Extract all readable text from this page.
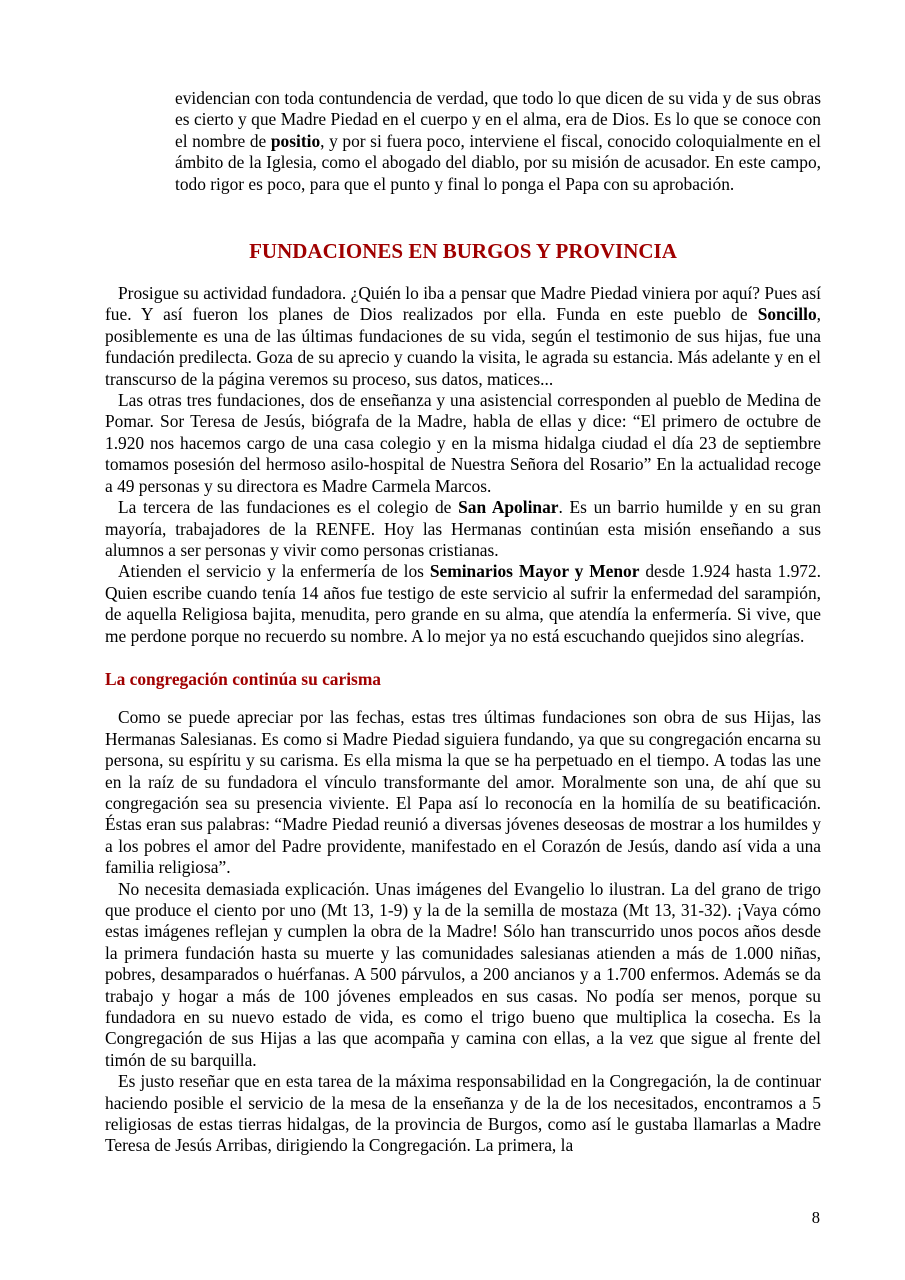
evidencian con toda contundencia de verdad, que todo lo que dicen de su vida y de sus obras es cierto y que Madre Piedad en el cuerpo y en el alma, era de Dios. Es lo que se conoce con el nombre de positio, y por si fuera poco, interviene el fiscal, conocido coloquialmente en el ámbito de la Iglesia, como el abogado del diablo, por su misión de acusador. En este campo, todo rigor es poco, para que el punto y final lo ponga el Papa con su aprobación.

FUNDACIONES EN BURGOS Y PROVINCIA

Prosigue su actividad fundadora. ¿Quién lo iba a pensar que Madre Piedad viniera por aquí? Pues así fue. Y así fueron los planes de Dios realizados por ella. Funda en este pueblo de Soncillo, posiblemente es una de las últimas fundaciones de su vida, según el testimonio de sus hijas, fue una fundación predilecta. Goza de su aprecio y cuando la visita, le agrada su estancia. Más adelante y en el transcurso de la página veremos su proceso, sus datos, matices...

Las otras tres fundaciones, dos de enseñanza y una asistencial corresponden al pueblo de Medina de Pomar. Sor Teresa de Jesús, biógrafa de la Madre, habla de ellas y dice: “El primero de octubre de 1.920 nos hacemos cargo de una casa colegio y en la misma hidalga ciudad el día 23 de septiembre tomamos posesión del hermoso asilo-hospital de Nuestra Señora del Rosario” En la actualidad recoge a 49 personas y su directora es Madre Carmela Marcos.

La tercera de las fundaciones es el colegio de San Apolinar. Es un barrio humilde y en su gran mayoría, trabajadores de la RENFE. Hoy las Hermanas continúan esta misión enseñando a sus alumnos a ser personas y vivir como personas cristianas.

Atienden el servicio y la enfermería de los Seminarios Mayor y Menor desde 1.924 hasta 1.972. Quien escribe cuando tenía 14 años fue testigo de este servicio al sufrir la enfermedad del sarampión, de aquella Religiosa bajita, menudita, pero grande en su alma, que atendía la enfermería. Si vive, que me perdone porque no recuerdo su nombre. A lo mejor ya no está escuchando quejidos sino alegrías.

La congregación continúa su carisma

Como se puede apreciar por las fechas, estas tres últimas fundaciones son obra de sus Hijas, las Hermanas Salesianas. Es como si Madre Piedad siguiera fundando, ya que su congregación encarna su persona, su espíritu y su carisma. Es ella misma la que se ha perpetuado en el tiempo. A todas las une en la raíz de su fundadora el vínculo transformante del amor. Moralmente son una, de ahí que su congregación sea su presencia viviente. El Papa así lo reconocía en la homilía de su beatificación. Éstas eran sus palabras: “Madre Piedad reunió a diversas jóvenes deseosas de mostrar a los humildes y a los pobres el amor del Padre providente, manifestado en el Corazón de Jesús, dando así vida a una familia religiosa”.

No necesita demasiada explicación. Unas imágenes del Evangelio lo ilustran. La del grano de trigo que produce el ciento por uno (Mt 13, 1-9) y la de la semilla de mostaza (Mt 13, 31-32). ¡Vaya cómo estas imágenes reflejan y cumplen la obra de la Madre! Sólo han transcurrido unos pocos años desde la primera fundación hasta su muerte y las comunidades salesianas atienden a más de 1.000 niñas, pobres, desamparados o huérfanas. A 500 párvulos, a 200 ancianos y a 1.700 enfermos. Además se da trabajo y hogar a más de 100 jóvenes empleados en sus casas. No podía ser menos, porque su fundadora en su nuevo estado de vida, es como el trigo bueno que multiplica la cosecha. Es la Congregación de sus Hijas a las que acompaña y camina con ellas, a la vez que sigue al frente del timón de su barquilla.

Es justo reseñar que en esta tarea de la máxima responsabilidad en la Congregación, la de continuar haciendo posible el servicio de la mesa de la enseñanza y de la de los necesitados, encontramos a 5 religiosas de estas tierras hidalgas, de la provincia de Burgos, como así le gustaba llamarlas a Madre Teresa de Jesús Arribas, dirigiendo la Congregación. La primera, la

8
